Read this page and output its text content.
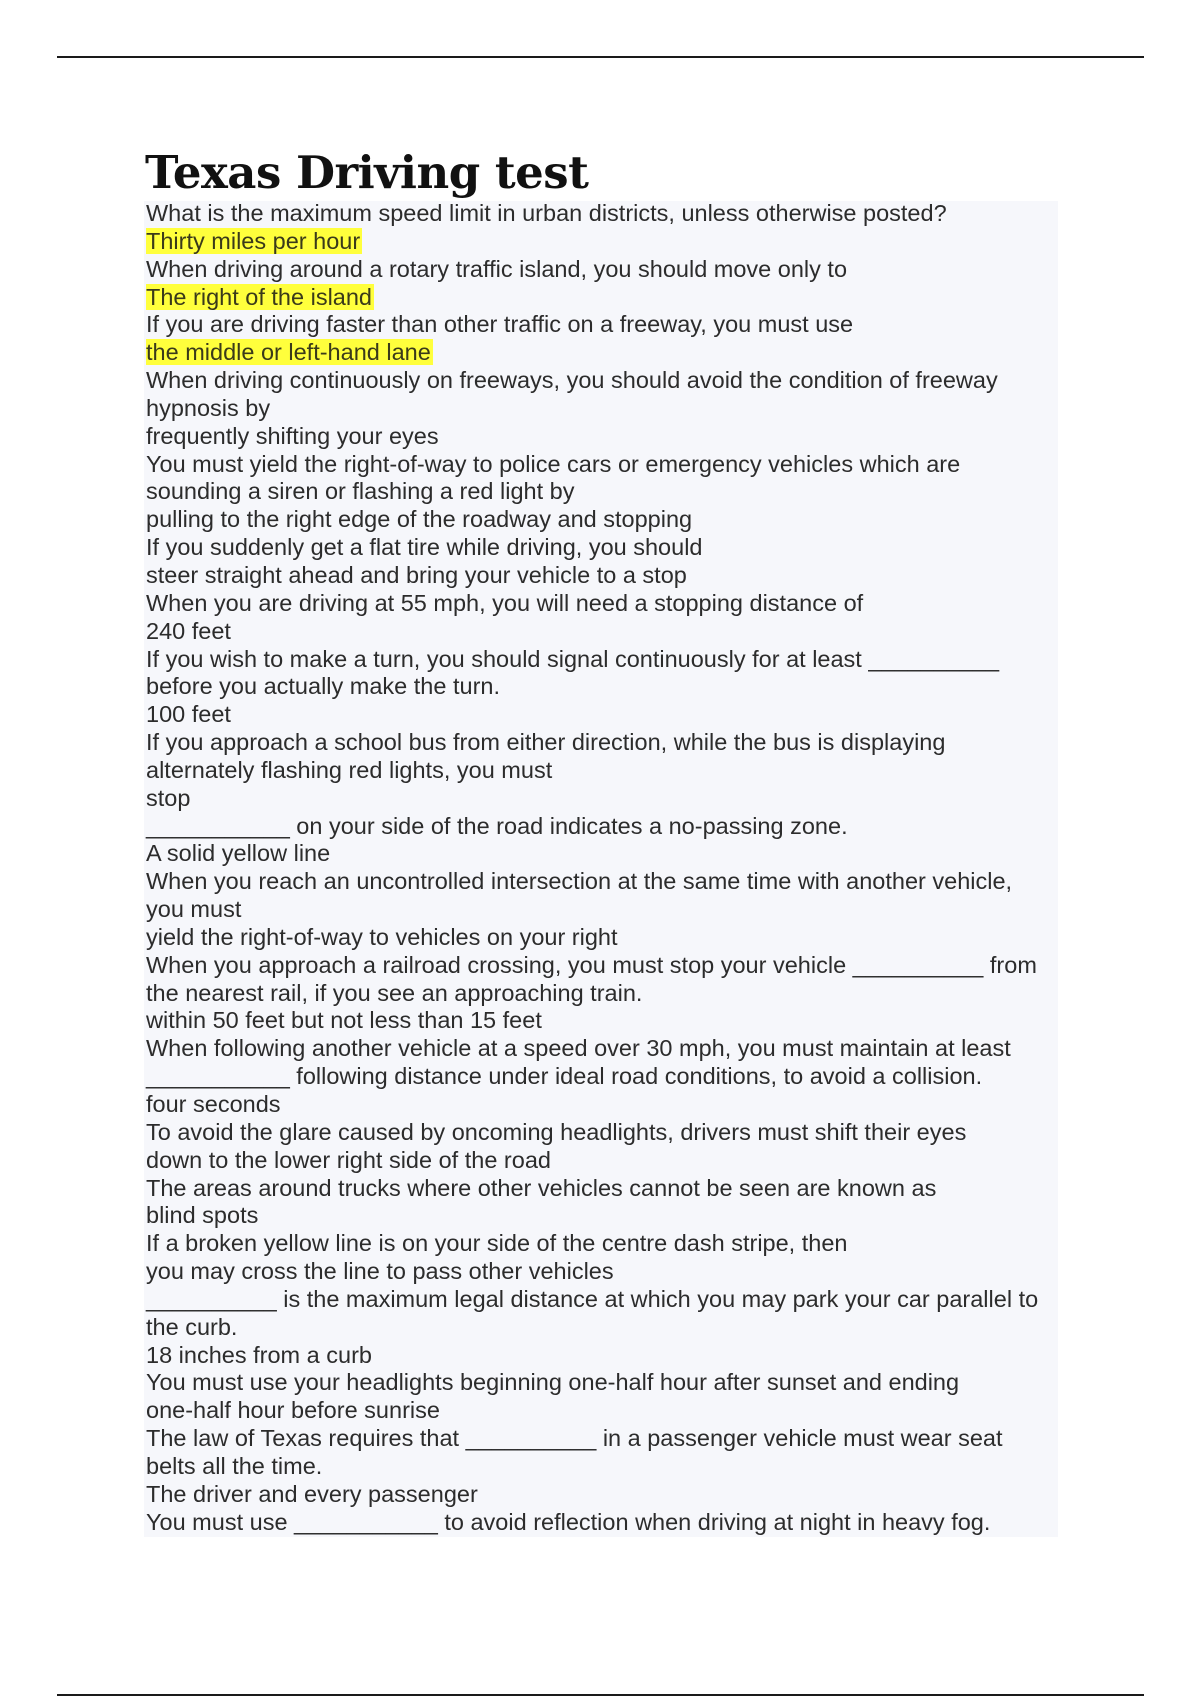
Texas Driving test
What is the maximum speed limit in urban districts, unless otherwise posted?
Thirty miles per hour
When driving around a rotary traffic island, you should move only to
The right of the island
If you are driving faster than other traffic on a freeway, you must use
the middle or left-hand lane
When driving continuously on freeways, you should avoid the condition of freeway
hypnosis by
frequently shifting your eyes
You must yield the right-of-way to police cars or emergency vehicles which are
sounding a siren or flashing a red light by
pulling to the right edge of the roadway and stopping
If you suddenly get a flat tire while driving, you should
steer straight ahead and bring your vehicle to a stop
When you are driving at 55 mph, you will need a stopping distance of
240 feet
If you wish to make a turn, you should signal continuously for at least __________
before you actually make the turn.
100 feet
If you approach a school bus from either direction, while the bus is displaying
alternately flashing red lights, you must
stop
___________ on your side of the road indicates a no-passing zone.
A solid yellow line
When you reach an uncontrolled intersection at the same time with another vehicle,
you must
yield the right-of-way to vehicles on your right
When you approach a railroad crossing, you must stop your vehicle __________ from
the nearest rail, if you see an approaching train.
within 50 feet but not less than 15 feet
When following another vehicle at a speed over 30 mph, you must maintain at least
___________ following distance under ideal road conditions, to avoid a collision.
four seconds
To avoid the glare caused by oncoming headlights, drivers must shift their eyes
down to the lower right side of the road
The areas around trucks where other vehicles cannot be seen are known as
blind spots
If a broken yellow line is on your side of the centre dash stripe, then
you may cross the line to pass other vehicles
__________ is the maximum legal distance at which you may park your car parallel to
the curb.
18 inches from a curb
You must use your headlights beginning one-half hour after sunset and ending
one-half hour before sunrise
The law of Texas requires that __________ in a passenger vehicle must wear seat
belts all the time.
The driver and every passenger
You must use ___________ to avoid reflection when driving at night in heavy fog.
